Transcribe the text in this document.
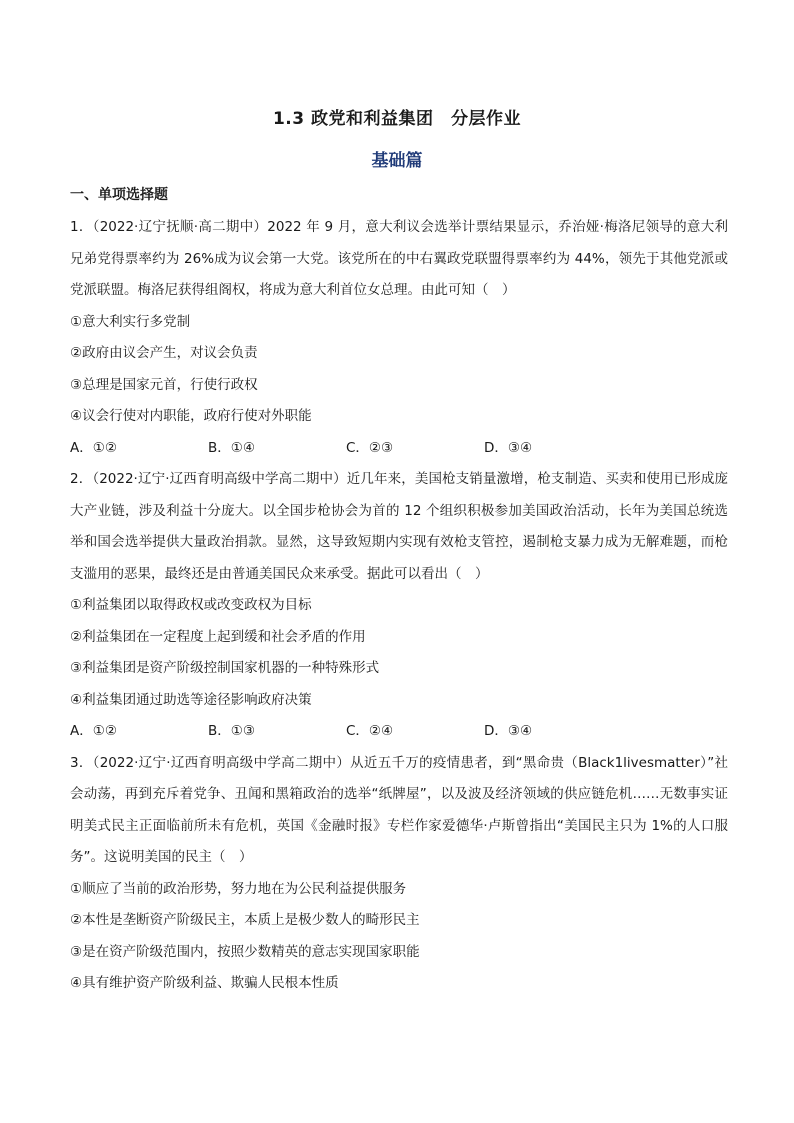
1.3 政党和利益集团　分层作业
基础篇
一、单项选择题

1．（2022·辽宁抚顺·高二期中）2022 年 9 月，意大利议会选举计票结果显示，乔治娅·梅洛尼领导的意大利兄弟党得票率约为 26%成为议会第一大党。该党所在的中右翼政党联盟得票率约为 44%，领先于其他党派或党派联盟。梅洛尼获得组阁权，将成为意大利首位女总理。由此可知（　）

①意大利实行多党制

②政府由议会产生，对议会负责

③总理是国家元首，行使行政权

④议会行使对内职能，政府行使对外职能

A．①②	B．①④	C．②③	D．③④

2．（2022·辽宁·辽西育明高级中学高二期中）近几年来，美国枪支销量激增，枪支制造、买卖和使用已形成庞大产业链，涉及利益十分庞大。以全国步枪协会为首的 12 个组织积极参加美国政治活动，长年为美国总统选举和国会选举提供大量政治捐款。显然，这导致短期内实现有效枪支管控，遏制枪支暴力成为无解难题，而枪支滥用的恶果，最终还是由普通美国民众来承受。据此可以看出（　）

①利益集团以取得政权或改变政权为目标

②利益集团在一定程度上起到缓和社会矛盾的作用

③利益集团是资产阶级控制国家机器的一种特殊形式

④利益集团通过助选等途径影响政府决策

A．①②	B．①③	C．②④	D．③④

3．（2022·辽宁·辽西育明高级中学高二期中）从近五千万的疫情患者，到“黑命贵（Black1livesmatter）”社会动荡，再到充斥着党争、丑闻和黑箱政治的选举“纸牌屋”，以及波及经济领域的供应链危机……无数事实证明美式民主正面临前所未有危机，英国《金融时报》专栏作家爱德华·卢斯曾指出“美国民主只为 1%的人口服务”。这说明美国的民主（　）

①顺应了当前的政治形势，努力地在为公民利益提供服务

②本性是垄断资产阶级民主，本质上是极少数人的畸形民主

③是在资产阶级范围内，按照少数精英的意志实现国家职能

④具有维护资产阶级利益、欺骗人民根本性质
